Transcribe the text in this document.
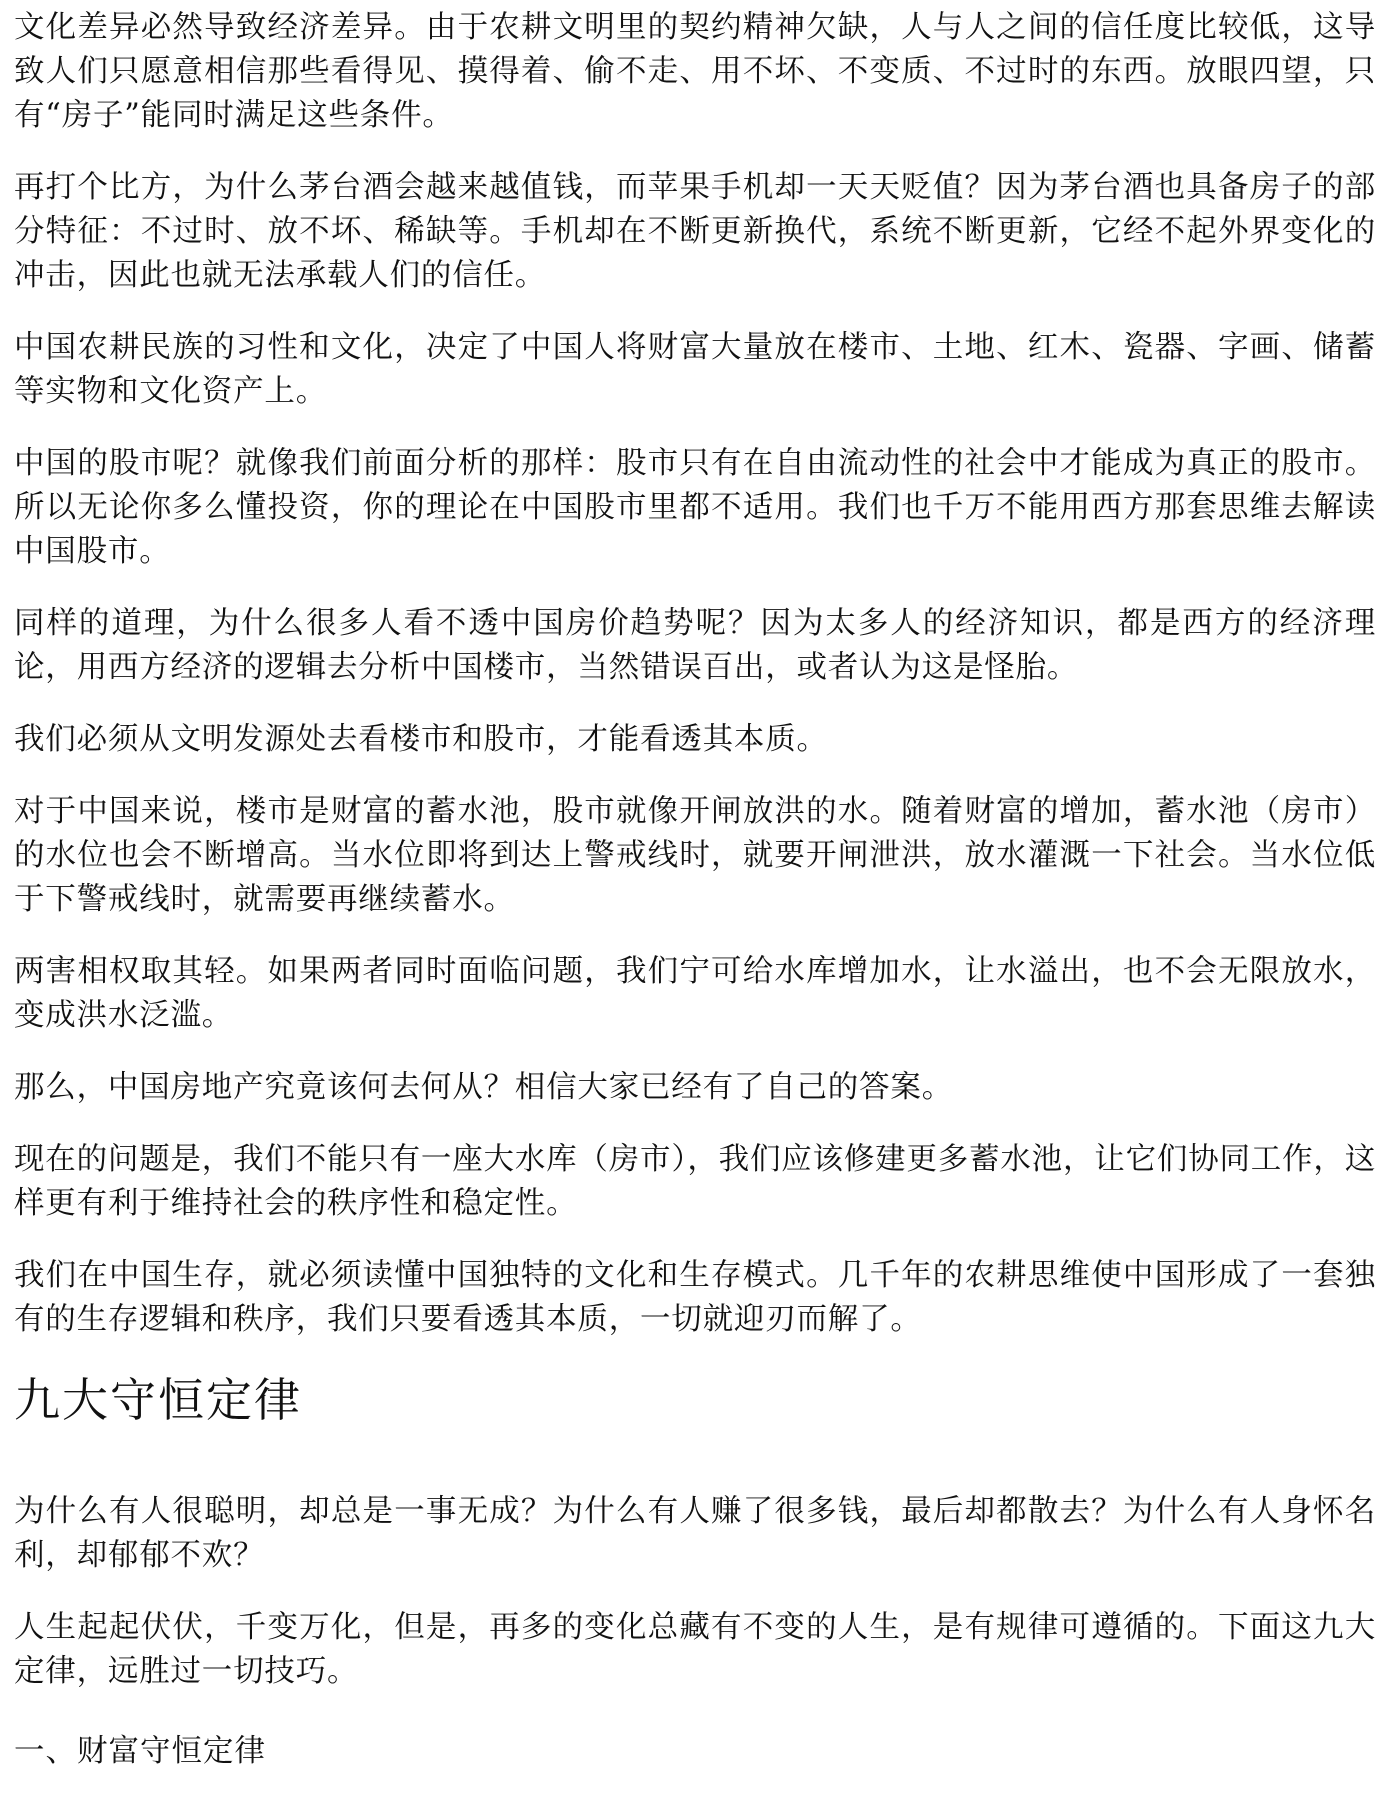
文化差异必然导致经济差异。由于农耕文明里的契约精神欠缺，人与人之间的信任度比较低，这导致人们只愿意相信那些看得见、摸得着、偷不走、用不坏、不变质、不过时的东西。放眼四望，只有“房子”能同时满足这些条件。

再打个比方，为什么茅台酒会越来越值钱，而苹果手机却一天天贬值？因为茅台酒也具备房子的部分特征：不过时、放不坏、稀缺等。手机却在不断更新换代，系统不断更新，它经不起外界变化的冲击，因此也就无法承载人们的信任。

中国农耕民族的习性和文化，决定了中国人将财富大量放在楼市、土地、红木、瓷器、字画、储蓄等实物和文化资产上。

中国的股市呢？就像我们前面分析的那样：股市只有在自由流动性的社会中才能成为真正的股市。所以无论你多么懂投资，你的理论在中国股市里都不适用。我们也千万不能用西方那套思维去解读中国股市。

同样的道理，为什么很多人看不透中国房价趋势呢？因为太多人的经济知识，都是西方的经济理论，用西方经济的逻辑去分析中国楼市，当然错误百出，或者认为这是怪胎。

我们必须从文明发源处去看楼市和股市，才能看透其本质。

对于中国来说，楼市是财富的蓄水池，股市就像开闸放洪的水。随着财富的增加，蓄水池（房市）的水位也会不断增高。当水位即将到达上警戒线时，就要开闸泄洪，放水灌溉一下社会。当水位低于下警戒线时，就需要再继续蓄水。

两害相权取其轻。如果两者同时面临问题，我们宁可给水库增加水，让水溢出，也不会无限放水，变成洪水泛滥。

那么，中国房地产究竟该何去何从？相信大家已经有了自己的答案。

现在的问题是，我们不能只有一座大水库（房市），我们应该修建更多蓄水池，让它们协同工作，这样更有利于维持社会的秩序性和稳定性。

我们在中国生存，就必须读懂中国独特的文化和生存模式。几千年的农耕思维使中国形成了一套独有的生存逻辑和秩序，我们只要看透其本质，一切就迎刃而解了。

九大守恒定律

为什么有人很聪明，却总是一事无成？为什么有人赚了很多钱，最后却都散去？为什么有人身怀名利，却郁郁不欢？

人生起起伏伏，千变万化，但是，再多的变化总藏有不变的人生，是有规律可遵循的。下面这九大定律，远胜过一切技巧。

一、财富守恒定律
